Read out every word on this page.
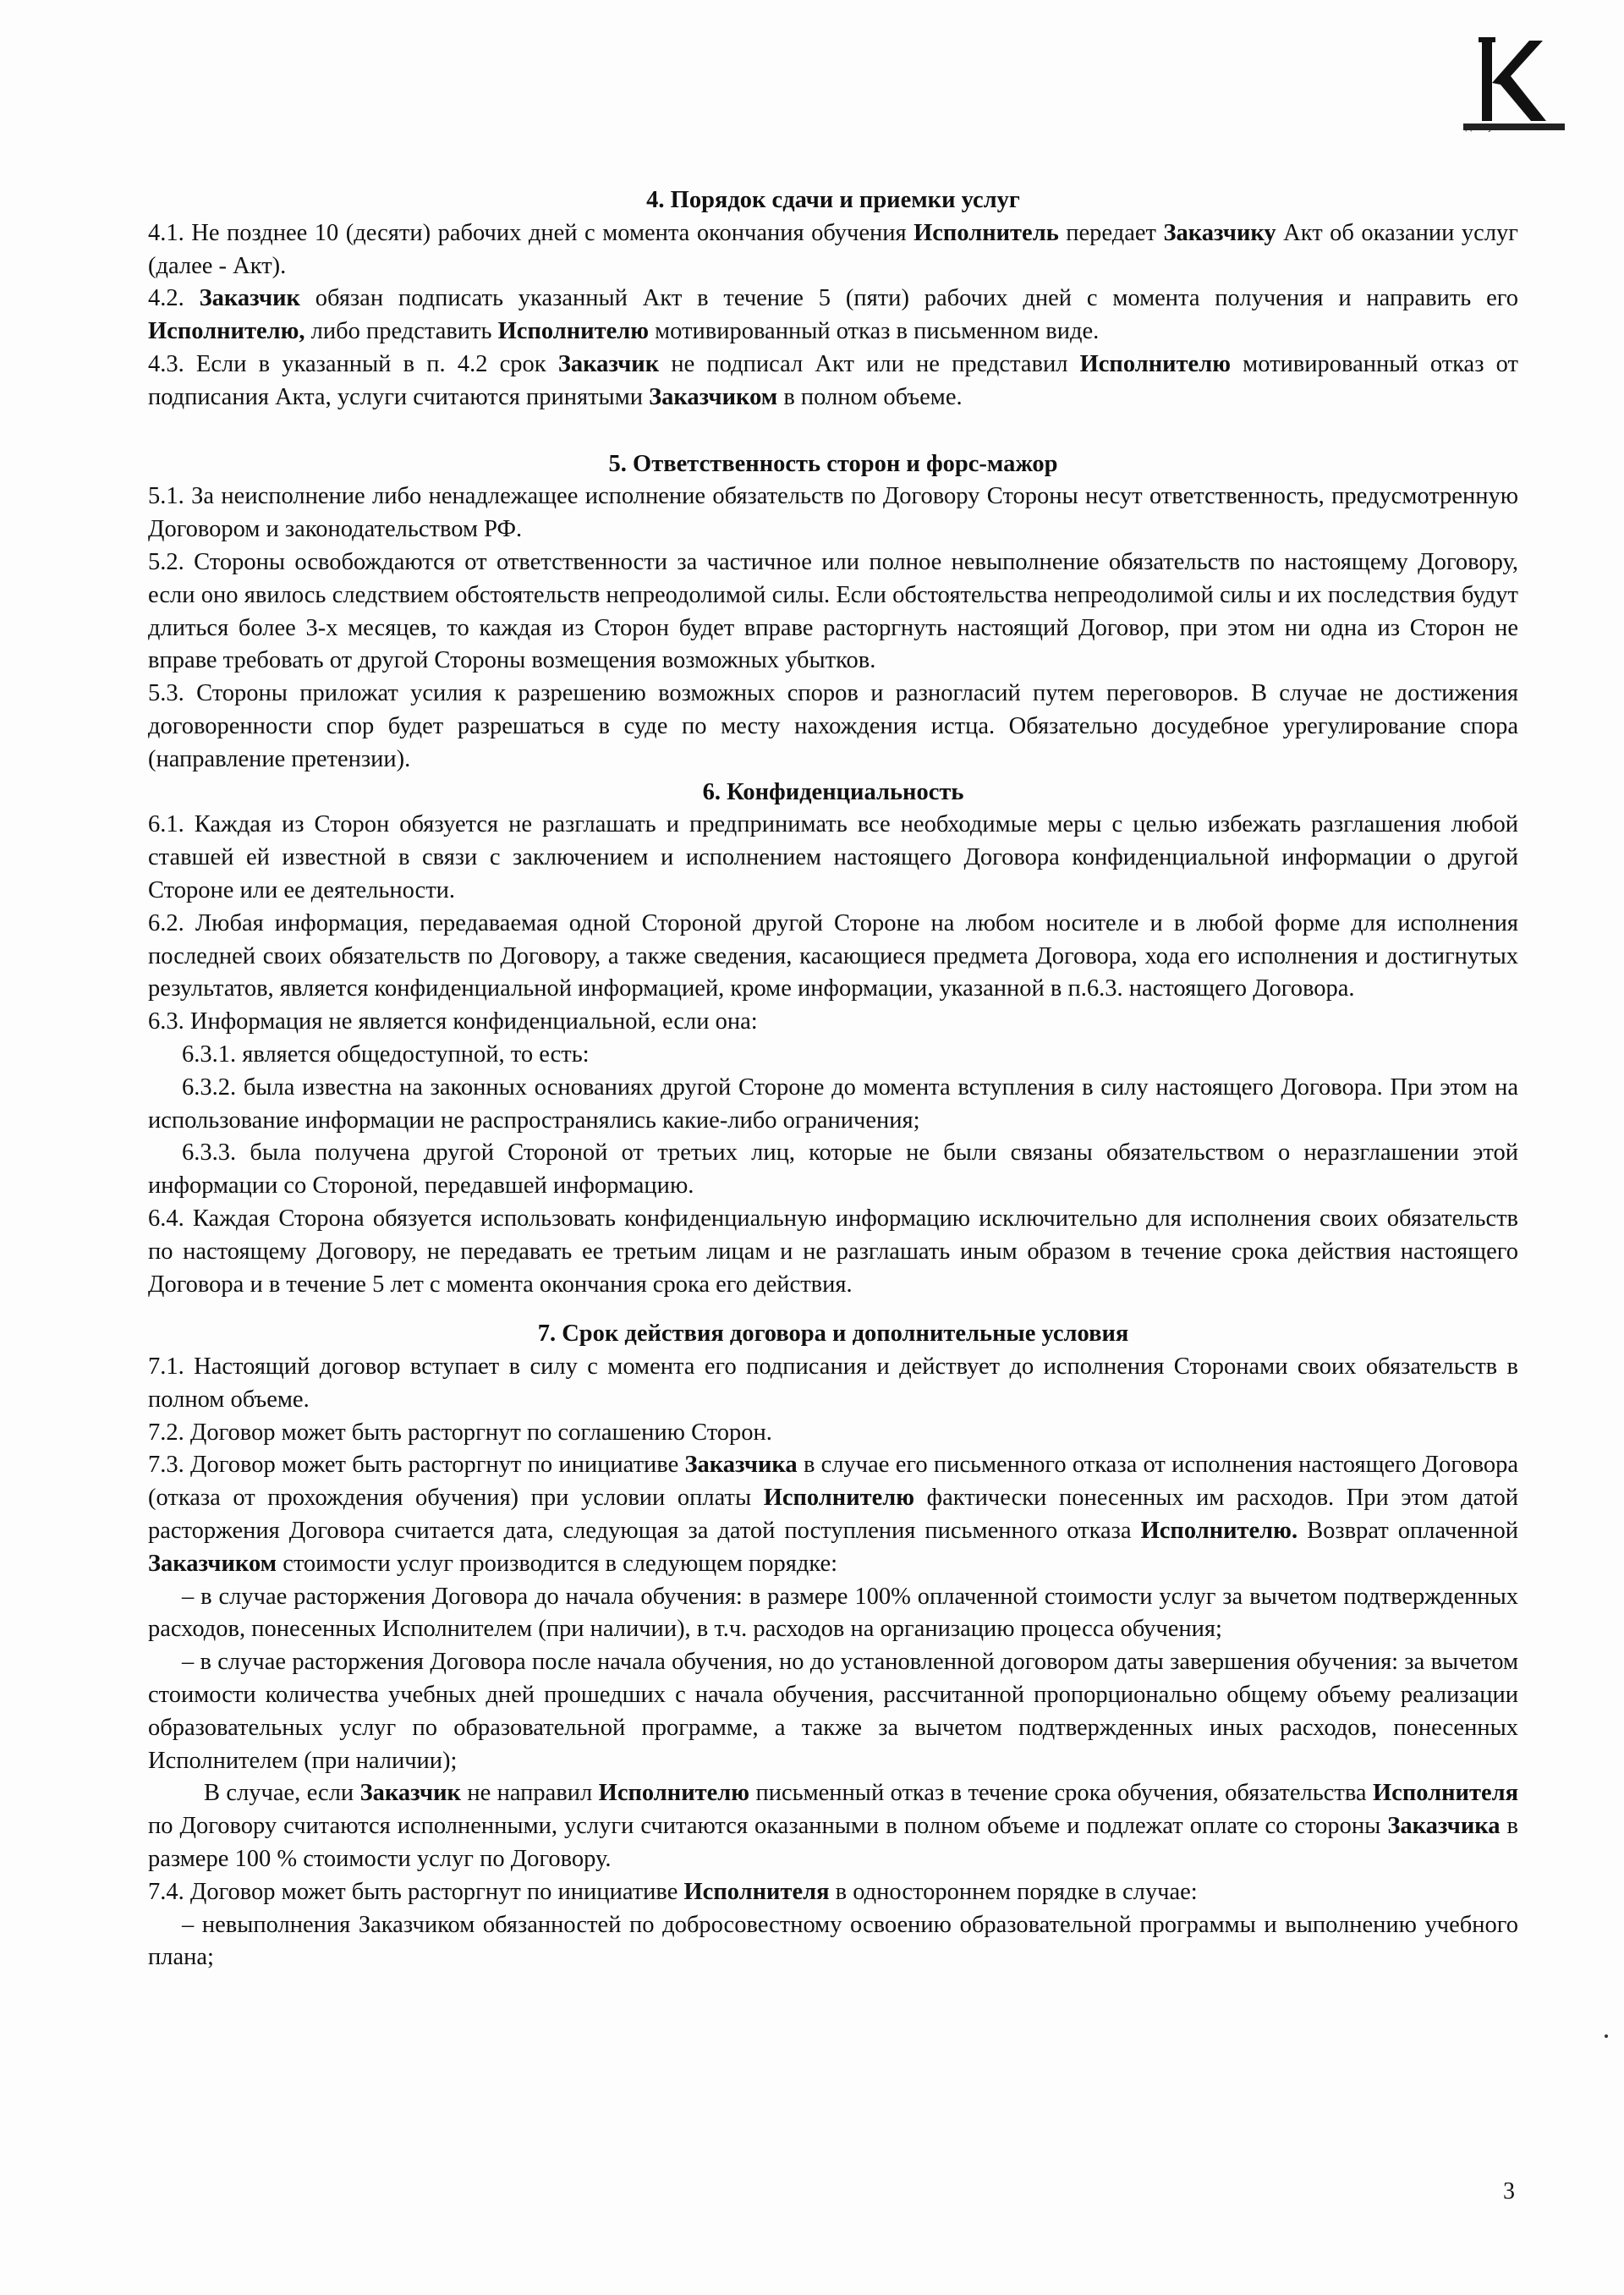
Доступно о сложном

4. Порядок сдачи и приемки услуг

4.1. Не позднее 10 (десяти) рабочих дней с момента окончания обучения Исполнитель передает Заказчику Акт об оказании услуг (далее - Акт).

4.2. Заказчик обязан подписать указанный Акт в течение 5 (пяти) рабочих дней с момента получения и направить его Исполнителю, либо представить Исполнителю мотивированный отказ в письменном виде.

4.3. Если в указанный в п. 4.2 срок Заказчик не подписал Акт или не представил Исполнителю мотивированный отказ от подписания Акта, услуги считаются принятыми Заказчиком в полном объеме.

5. Ответственность сторон и форс-мажор

5.1. За неисполнение либо ненадлежащее исполнение обязательств по Договору Стороны несут ответственность, предусмотренную Договором и законодательством РФ.

5.2. Стороны освобождаются от ответственности за частичное или полное невыполнение обязательств по настоящему Договору, если оно явилось следствием обстоятельств непреодолимой силы. Если обстоятельства непреодолимой силы и их последствия будут длиться более 3-х месяцев, то каждая из Сторон будет вправе расторгнуть настоящий Договор, при этом ни одна из Сторон не вправе требовать от другой Стороны возмещения возможных убытков.

5.3. Стороны приложат усилия к разрешению возможных споров и разногласий путем переговоров. В случае не достижения договоренности спор будет разрешаться в суде по месту нахождения истца. Обязательно досудебное урегулирование спора (направление претензии).

6. Конфиденциальность

6.1. Каждая из Сторон обязуется не разглашать и предпринимать все необходимые меры с целью избежать разглашения любой ставшей ей известной в связи с заключением и исполнением настоящего Договора конфиденциальной информации о другой Стороне или ее деятельности.

6.2. Любая информация, передаваемая одной Стороной другой Стороне на любом носителе и в любой форме для исполнения последней своих обязательств по Договору, а также сведения, касающиеся предмета Договора, хода его исполнения и достигнутых результатов, является конфиденциальной информацией, кроме информации, указанной в п.6.3. настоящего Договора.

6.3. Информация не является конфиденциальной, если она:

6.3.1. является общедоступной, то есть:

6.3.2. была известна на законных основаниях другой Стороне до момента вступления в силу настоящего Договора. При этом на использование информации не распространялись какие-либо ограничения;

6.3.3. была получена другой Стороной от третьих лиц, которые не были связаны обязательством о неразглашении этой информации со Стороной, передавшей информацию.

6.4. Каждая Сторона обязуется использовать конфиденциальную информацию исключительно для исполнения своих обязательств по настоящему Договору, не передавать ее третьим лицам и не разглашать иным образом в течение срока действия настоящего Договора и в течение 5 лет с момента окончания срока его действия.

7. Срок действия договора и дополнительные условия

7.1. Настоящий договор вступает в силу с момента его подписания и действует до исполнения Сторонами своих обязательств в полном объеме.

7.2. Договор может быть расторгнут по соглашению Сторон.

7.3. Договор может быть расторгнут по инициативе Заказчика в случае его письменного отказа от исполнения настоящего Договора (отказа от прохождения обучения) при условии оплаты Исполнителю фактически понесенных им расходов. При этом датой расторжения Договора считается дата, следующая за датой поступления письменного отказа Исполнителю. Возврат оплаченной Заказчиком стоимости услуг производится в следующем порядке:

– в случае расторжения Договора до начала обучения: в размере 100% оплаченной стоимости услуг за вычетом подтвержденных расходов, понесенных Исполнителем (при наличии), в т.ч. расходов на организацию процесса обучения;

– в случае расторжения Договора после начала обучения, но до установленной договором даты завершения обучения: за вычетом стоимости количества учебных дней прошедших с начала обучения, рассчитанной пропорционально общему объему реализации образовательных услуг по образовательной программе, а также за вычетом подтвержденных иных расходов, понесенных Исполнителем (при наличии);

В случае, если Заказчик не направил Исполнителю письменный отказ в течение срока обучения, обязательства Исполнителя по Договору считаются исполненными, услуги считаются оказанными в полном объеме и подлежат оплате со стороны Заказчика в размере 100 % стоимости услуг по Договору.

7.4. Договор может быть расторгнут по инициативе Исполнителя в одностороннем порядке в случае:

– невыполнения Заказчиком обязанностей по добросовестному освоению образовательной программы и выполнению учебного плана;

3
